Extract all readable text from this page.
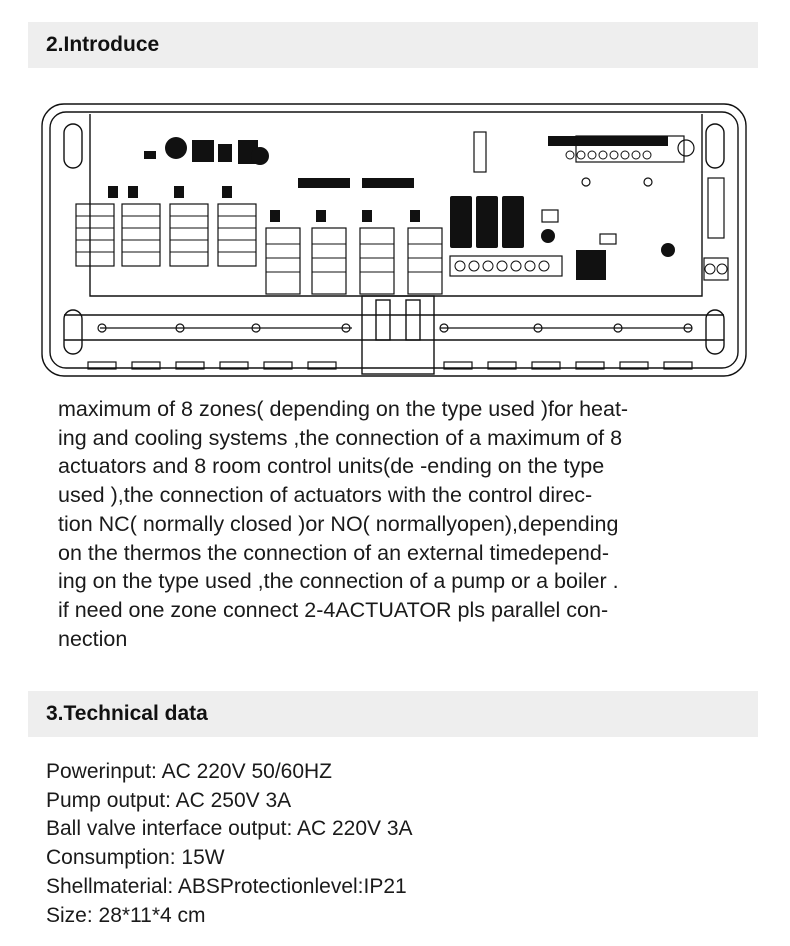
2.Introduce

maximum of 8 zones( depending on the type used )for heat-
ing and cooling systems ,the connection of a maximum of 8
actuators and 8 room control units(de -ending on the type
used ),the connection of actuators with the control direc-
tion NC( normally closed )or NO( normallyopen),depending
on the thermos the connection of an external timedepend-
ing on the type used ,the connection of a pump or a boiler .
if need one zone connect 2-4ACTUATOR pls parallel con-
nection

3.Technical data
Powerinput: AC 220V 50/60HZ
Pump output: AC 250V 3A
Ball valve interface output: AC 220V 3A
Consumption: 15W
Shellmaterial: ABSProtectionlevel:IP21
Size: 28*11*4 cm
